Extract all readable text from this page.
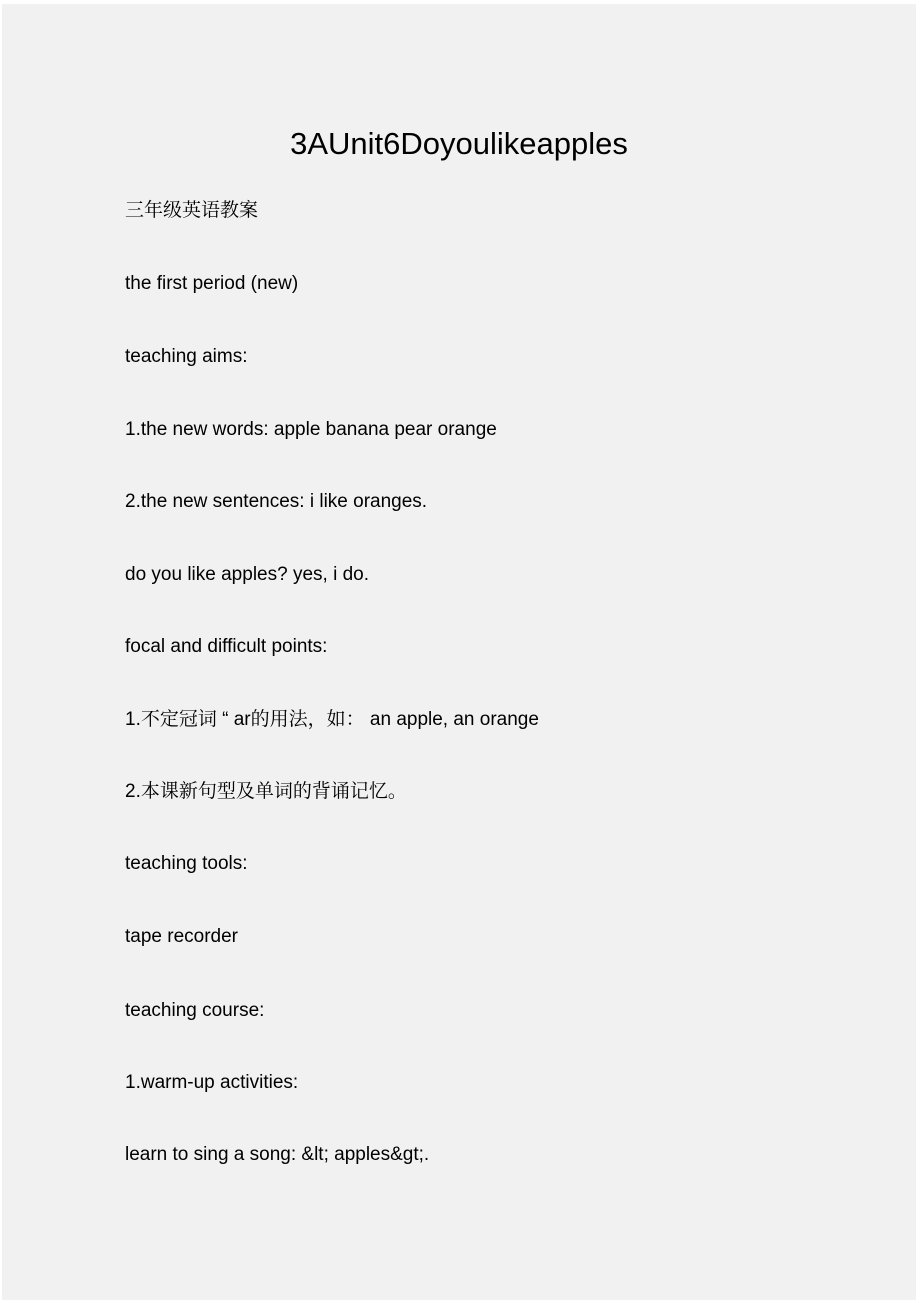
3AUnit6Doyoulikeapples
三年级英语教案
the first period (new)
teaching aims:
1.the new words: apple banana pear orange
2.the new sentences: i like oranges.
do you like apples? yes, i do.
focal and difficult points:
1.不定冠词 “ ar的用法，如： an apple, an orange
2.本课新句型及单词的背诵记忆。
teaching tools:
tape recorder
teaching course:
1.warm-up activities:
learn to sing a song: &lt; apples&gt;.
